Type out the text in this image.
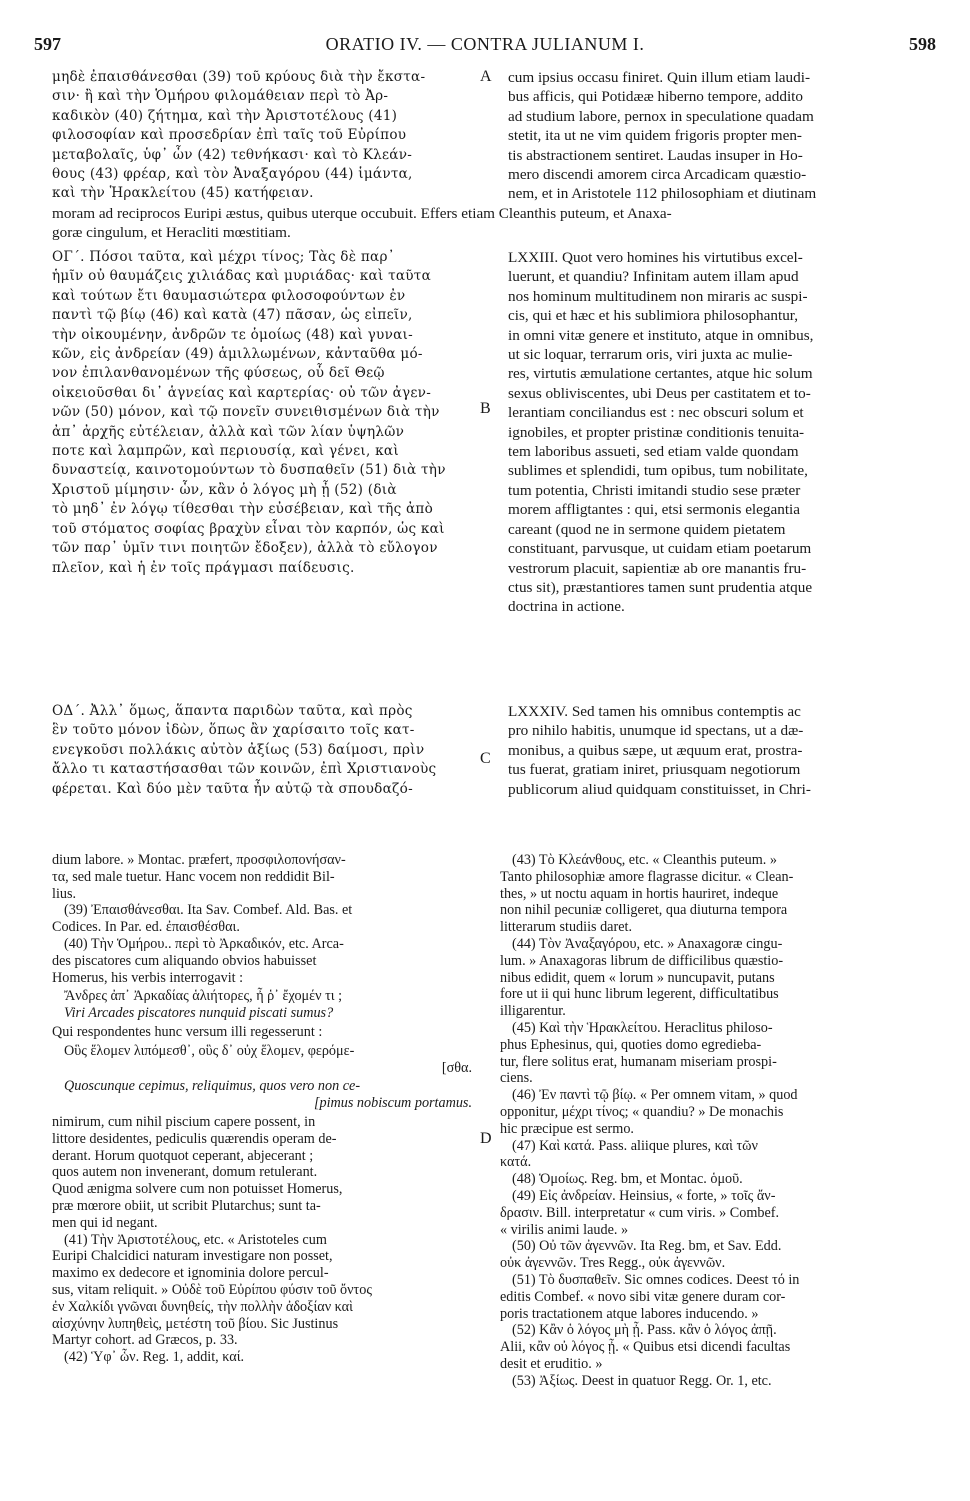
597	ORATIO IV. — CONTRA JULIANUM I.	598
μηδὲ ἐπαισθάνεσθαι (39) τοῦ κρύους διὰ τὴν ἔκστα-
σιν· ἢ καὶ τὴν Ὁμήρου φιλομάθειαν περὶ τὸ Ἀρ-
καδικὸν (40) ζήτημα, καὶ τὴν Ἀριστοτέλους (41)
φιλοσοφίαν καὶ προσεδρίαν ἐπὶ ταῖς τοῦ Εὐρίπου
μεταβολαῖς, ὑφ᾽ ὧν (42) τεθνήκασι· καὶ τὸ Κλεάν-
θους (43) φρέαρ, καὶ τὸν Ἀναξαγόρου (44) ἱμάντα,
καὶ τὴν Ἡρακλείτου (45) κατήφειαν.
cum ipsius occasu finiret. Quin illum etiam laudi-
bus afficis, qui Potidææ hiberno tempore, addito
ad studium labore, pernox in speculatione quadam
stetit, ita ut ne vim quidem frigoris propter men-
tis abstractionem sentiret. Laudas insuper in Ho-
mero discendi amorem circa Arcadicam quæstio-
nem, et in Aristotele 112 philosophiam et diutinam
moram ad reciprocos Euripi æstus, quibus uterque occubuit. Effers etiam Cleanthis puteum, et Anaxa-
goræ cingulum, et Heracliti mœstitiam.
ΟΓ΄. Πόσοι ταῦτα, καὶ μέχρι τίνος; Τὰς δὲ παρ᾽
ἡμῖν οὐ θαυμάζεις χιλιάδας καὶ μυριάδας· καὶ ταῦτα
καὶ τούτων ἔτι θαυμασιώτερα φιλοσοφούντων ἐν
παντὶ τῷ βίῳ (46) καὶ κατὰ (47) πᾶσαν, ὡς εἰπεῖν,
τὴν οἰκουμένην, ἀνδρῶν τε ὁμοίως (48) καὶ γυναι-
κῶν, εἰς ἀνδρείαν (49) ἁμιλλωμένων, κἀνταῦθα μό-
νον ἐπιλανθανομένων τῆς φύσεως, οὗ δεῖ Θεῷ
οἰκειοῦσθαι δι᾽ ἁγνείας καὶ καρτερίας· οὐ τῶν ἀγεν-
νῶν (50) μόνον, καὶ τῷ πονεῖν συνειθισμένων διὰ τὴν
ἀπ᾽ ἀρχῆς εὐτέλειαν, ἀλλὰ καὶ τῶν λίαν ὑψηλῶν
ποτε καὶ λαμπρῶν, καὶ περιουσίᾳ, καὶ γένει, καὶ
δυναστείᾳ, καινοτομούντων τὸ δυσπαθεῖν (51) διὰ τὴν
Χριστοῦ μίμησιν· ὧν, κἂν ὁ λόγος μὴ ᾖ (52) (διὰ
τὸ μηδ᾽ ἐν λόγῳ τίθεσθαι τὴν εὐσέβειαν, καὶ τῆς ἀπὸ
τοῦ στόματος σοφίας βραχὺν εἶναι τὸν καρπόν, ὡς καὶ
τῶν παρ᾽ ὑμῖν τινι ποιητῶν ἔδοξεν), ἀλλὰ τὸ εὔλογον
πλεῖον, καὶ ἡ ἐν τοῖς πράγμασι παίδευσις.
LXXIII. Quot vero homines his virtutibus excel-
luerunt, et quandiu? Infinitam autem illam apud
nos hominum multitudinem non miraris ac suspi-
cis, qui et hæc et his sublimiora philosophantur,
in omni vitæ genere et instituto, atque in omnibus,
ut sic loquar, terrarum oris, viri juxta ac mulie-
res, virtutis æmulatione certantes, atque hic solum
sexus obliviscentes, ubi Deus per castitatem et to-
lerantiam conciliandus est : nec obscuri solum et
ignobiles, et propter pristinæ conditionis tenuita-
tem laboribus assueti, sed etiam valde quondam
sublimes et splendidi, tum opibus, tum nobilitate,
tum potentia, Christi imitandi studio sese præter
morem affligtantes : qui, etsi sermonis elegantia
careant (quod ne in sermone quidem pietatem
constituant, parvusque, ut cuidam etiam poetarum
vestrorum placuit, sapientiæ ab ore manantis fru-
ctus sit), præstantiores tamen sunt prudentia atque
doctrina in actione.
ΟΔ΄. Ἀλλ᾽ ὅμως, ἅπαντα παριδὼν ταῦτα, καὶ πρὸς
ἓν τοῦτο μόνον ἰδὼν, ὅπως ἂν χαρίσαιτο τοῖς κατ-
ενεγκοῦσι πολλάκις αὐτὸν ἀξίως (53) δαίμοσι, πρὶν
ἄλλο τι καταστήσασθαι τῶν κοινῶν, ἐπὶ Χριστιανοὺς
φέρεται. Καὶ δύο μὲν ταῦτα ἦν αὐτῷ τὰ σπουδαζό-
LXXXIV. Sed tamen his omnibus contemptis ac
pro nihilo habitis, unumque id spectans, ut a dæ-
monibus, a quibus sæpe, ut æquum erat, prostra-
tus fuerat, gratiam iniret, priusquam negotiorum
publicorum aliud quidquam constituisset, in Chri-
A
B
C
D
dium labore. » Montac. præfert, προσφιλοπονήσαν-
τα, sed male tuetur. Hanc vocem non reddidit Bil-
lius.
(39) Ἐπαισθάνεσθαι. Ita Sav. Combef. Ald. Bas. et
Codices. In Par. ed. ἐπαισθέσθαι.
(40) Τὴν Ὁμήρου.. περὶ τὸ Ἀρκαδικόν, etc. Arca-
des piscatores cum aliquando obvios habuisset
Homerus, his verbis interrogavit :
Ἄνδρες ἀπ᾽ Ἀρκαδίας ἁλιήτορες, ἦ ῥ᾽ ἔχομέν τι ;
Viri Arcades piscatores nunquid piscati sumus?
Qui respondentes hunc versum illi regesserunt :
Οὓς ἕλομεν λιπόμεσθ᾽, οὓς δ᾽ οὐχ ἕλομεν, φερόμε-
[σθα.
Quoscunque cepimus, reliquimus, quos vero non ce-
[pimus nobiscum portamus.
nimirum, cum nihil piscium capere possent, in
littore desidentes, pediculis quærendis operam de-
derant. Horum quotquot ceperant, abjecerant ;
quos autem non invenerant, domum retulerant.
Quod ænigma solvere cum non potuisset Homerus,
præ mœrore obiit, ut scribit Plutarchus; sunt ta-
men qui id negant.
(41) Τὴν Ἀριστοτέλους, etc. « Aristoteles cum
Euripi Chalcidici naturam investigare non posset,
maximo ex dedecore et ignominia dolore percul-
sus, vitam reliquit. » Οὐδὲ τοῦ Εὐρίπου φύσιν τοῦ ὄντος
ἐν Χαλκίδι γνῶναι δυνηθείς, τὴν πολλὴν ἀδοξίαν καὶ
αἰσχύνην λυπηθεὶς, μετέστη τοῦ βίου. Sic Justinus
Martyr cohort. ad Græcos, p. 33.
(42) Ὑφ᾽ ὧν. Reg. 1, addit, καί.
(43) Τὸ Κλεάνθους, etc. « Cleanthis puteum. »
Tanto philosophiæ amore flagrasse dicitur. « Clean-
thes, » ut noctu aquam in hortis hauriret, indeque
non nihil pecuniæ colligeret, qua diuturna tempora
litterarum studiis daret.
(44) Τὸν Ἀναξαγόρου, etc. » Anaxagoræ cingu-
lum. » Anaxagoras librum de difficilibus quæstio-
nibus edidit, quem « lorum » nuncupavit, putans
fore ut ii qui hunc librum legerent, difficultatibus
illigarentur.
(45) Καὶ τὴν Ἡρακλείτου. Heraclitus philoso-
phus Ephesinus, qui, quoties domo egrediebа-
tur, flere solitus erat, humanam miseriam prospi-
ciens.
(46) Ἐν παντὶ τῷ βίῳ. « Per omnem vitam, » quod
opponitur, μέχρι τίνος; « quandiu? » De monachis
hic præcipue est sermo.
(47) Καὶ κατά. Pass. aliique plures, καὶ τῶν
κατά.
(48) Ὁμοίως. Reg. bm, et Montac. ὁμοῦ.
(49) Εἰς ἀνδρείαν. Heinsius, « forte, » τοῖς ἄν-
δρασιν. Bill. interpretatur « cum viris. » Combef.
« virilis animi laude. »
(50) Οὐ τῶν ἀγεννῶν. Ita Reg. bm, et Sav. Edd.
οὐκ ἀγεννῶν. Tres Regg., οὐκ ἀγεννῶν.
(51) Τὸ δυσπαθεῖν. Sic omnes codices. Deest τό in
editis Combef. « novo sibi vitæ genere duram cor-
poris tractationem atque labores inducendo. »
(52) Κἂν ὁ λόγος μὴ ᾖ. Pass. κἂν ὁ λόγος ἀπῇ.
Alii, κἂν οὐ λόγος ᾖ. « Quibus etsi dicendi facultas
desit et eruditio. »
(53) Ἀξίως. Deest in quatuor Regg. Or. 1, etc.
